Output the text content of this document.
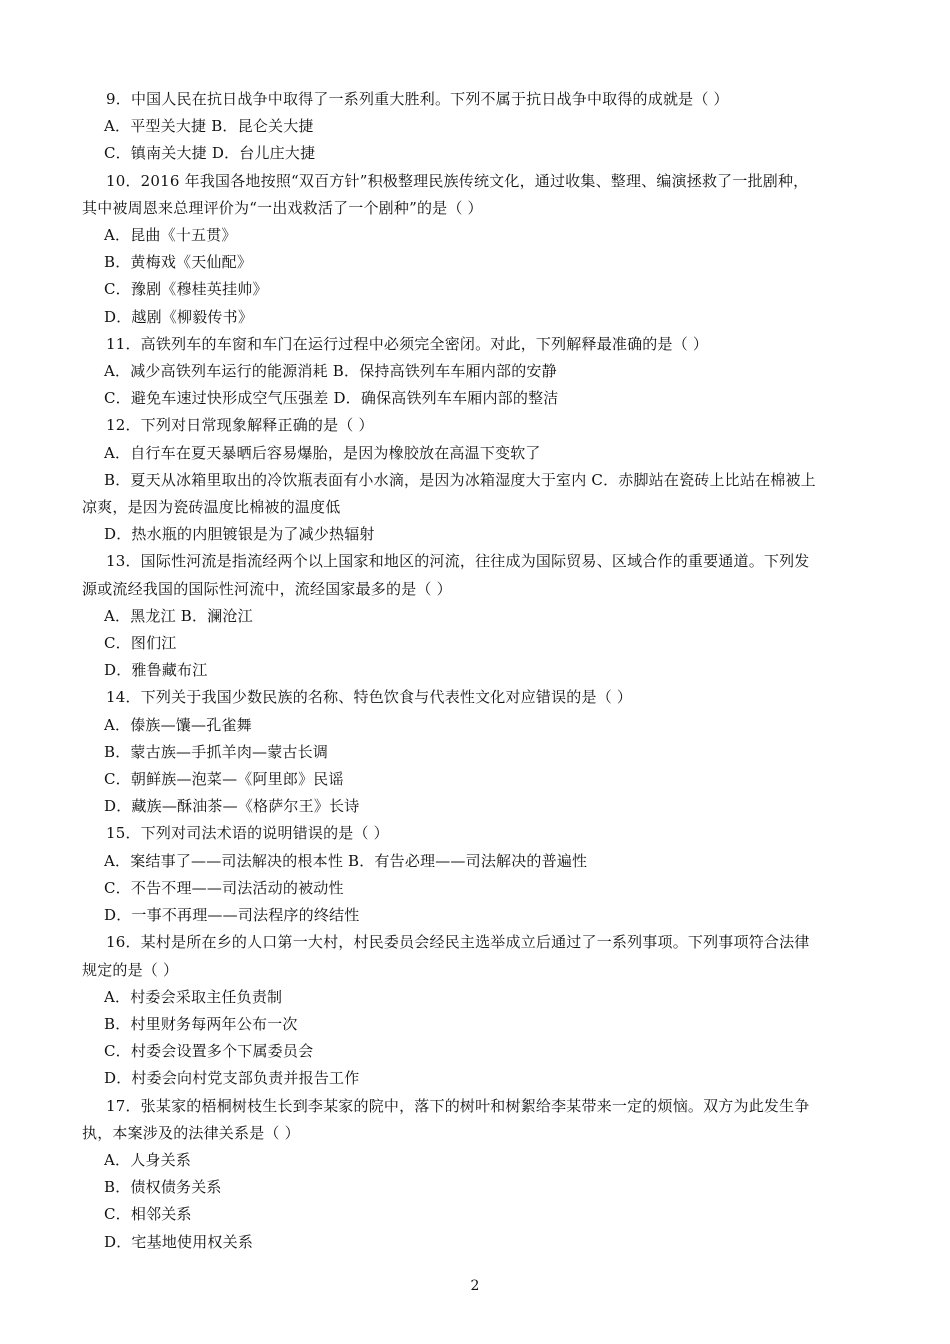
9．中国人民在抗日战争中取得了一系列重大胜利。下列不属于抗日战争中取得的成就是（ ）
A．平型关大捷 B．昆仑关大捷
C．镇南关大捷 D．台儿庄大捷
10．2016 年我国各地按照“双百方针”积极整理民族传统文化，通过收集、整理、编演拯救了一批剧种，
其中被周恩来总理评价为“一出戏救活了一个剧种”的是（ ）
A．昆曲《十五贯》
B．黄梅戏《天仙配》
C．豫剧《穆桂英挂帅》
D．越剧《柳毅传书》
11．高铁列车的车窗和车门在运行过程中必须完全密闭。对此，下列解释最准确的是（ ）
A．减少高铁列车运行的能源消耗 B．保持高铁列车车厢内部的安静
C．避免车速过快形成空气压强差 D．确保高铁列车车厢内部的整洁
12．下列对日常现象解释正确的是（ ）
A．自行车在夏天暴晒后容易爆胎，是因为橡胶放在高温下变软了
B．夏天从冰箱里取出的冷饮瓶表面有小水滴，是因为冰箱湿度大于室内 C．赤脚站在瓷砖上比站在棉被上
凉爽，是因为瓷砖温度比棉被的温度低
D．热水瓶的内胆镀银是为了减少热辐射
13．国际性河流是指流经两个以上国家和地区的河流，往往成为国际贸易、区域合作的重要通道。下列发
源或流经我国的国际性河流中，流经国家最多的是（ ）
A．黑龙江 B．澜沧江
C．图们江
D．雅鲁藏布江
14．下列关于我国少数民族的名称、特色饮食与代表性文化对应错误的是（ ）
A．傣族—馕—孔雀舞
B．蒙古族—手抓羊肉—蒙古长调
C．朝鲜族—泡菜—《阿里郎》民谣
D．藏族—酥油茶—《格萨尔王》长诗
15．下列对司法术语的说明错误的是（ ）
A．案结事了——司法解决的根本性 B．有告必理——司法解决的普遍性
C．不告不理——司法活动的被动性
D．一事不再理——司法程序的终结性
16．某村是所在乡的人口第一大村，村民委员会经民主选举成立后通过了一系列事项。下列事项符合法律
规定的是（ ）
A．村委会采取主任负责制
B．村里财务每两年公布一次
C．村委会设置多个下属委员会
D．村委会向村党支部负责并报告工作
17．张某家的梧桐树枝生长到李某家的院中，落下的树叶和树絮给李某带来一定的烦恼。双方为此发生争
执，本案涉及的法律关系是（ ）
A．人身关系
B．债权债务关系
C．相邻关系
D．宅基地使用权关系
2
